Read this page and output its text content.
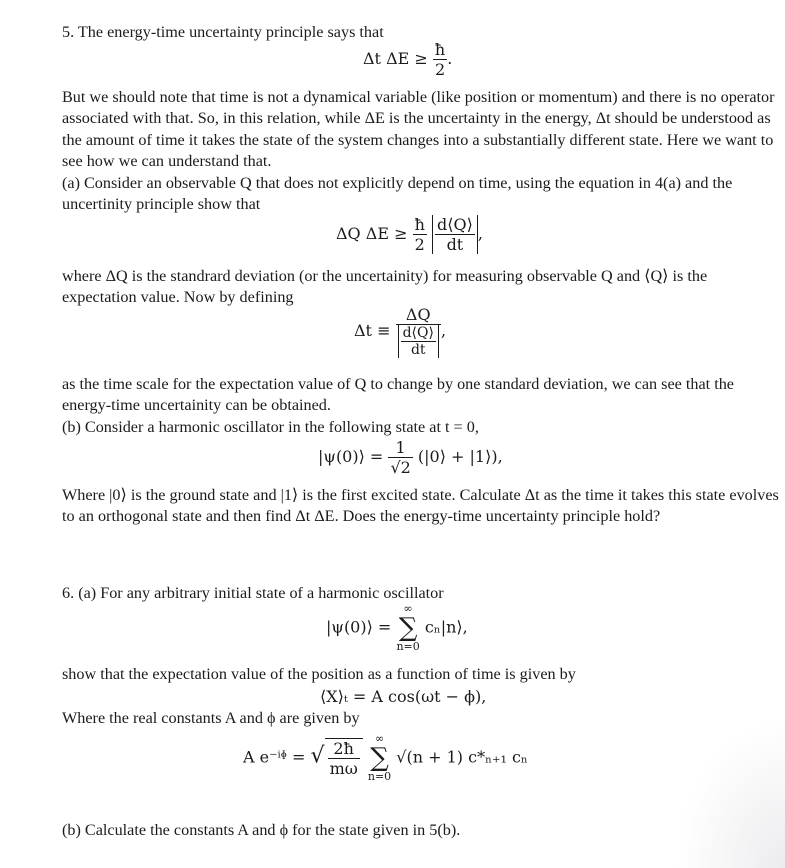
5. The energy-time uncertainty principle says that

Δt $\Delta E \ge \frac{ħ}{2}$ .

But we should note that time is not a dynamical variable (like position or momentum) and there is no operator associated with that. So, in this relation, while ΔE is the uncertainty in the energy, Δt should be understood as the amount of time it takes the state of the system changes into a substantially different state. Here we want to see how we can understand that.

(a) Consider an observable Q that does not explicitly depend on time, using the equation in 4(a) and the uncertinity principle show that

ΔQ $\Delta E \ge \frac{ħ}{2}$
$\frac{d⟨Q⟩}{dt}$ ,

where ΔQ is the standrard deviation (or the uncertainity) for measuring observable Q and ⟨Q⟩ is the expectation value. Now by defining

$\Delta t \equiv \frac{\Delta Q}{\frac{d⟨Q⟩}{dt}}$ ,

as the time scale for the expectation value of Q to change by one standard deviation, we can see that the energy-time uncertainity can be obtained.

(b) Consider a harmonic oscillator in the following state at t = 0,

|ψ(0)⟩ = $\frac{1}{√2}$ (|0⟩ + |1⟩),

Where |0⟩ is the ground state and |1⟩ is the first excited state. Calculate Δt as the time it takes this state evolves to an orthogonal state and then find Δt ΔE. Does the energy-time uncertainty principle hold?

6. (a) For any arbitrary initial state of a harmonic oscillator

|ψ(0)⟩ =
∞
∑
n=0
cₙ|n⟩,

show that the expectation value of the position as a function of time is given by

⟨X⟩ₜ = A cos(ωt − ϕ),

Where the real constants A and ϕ are given by

A e⁻ⁱᶲ = √ $\frac{2ħ}{m\omega}$
	∞
∑
n=0
√(n + 1) c*ₙ₊₁ cₙ

(b) Calculate the constants A and ϕ for the state given in 5(b).
